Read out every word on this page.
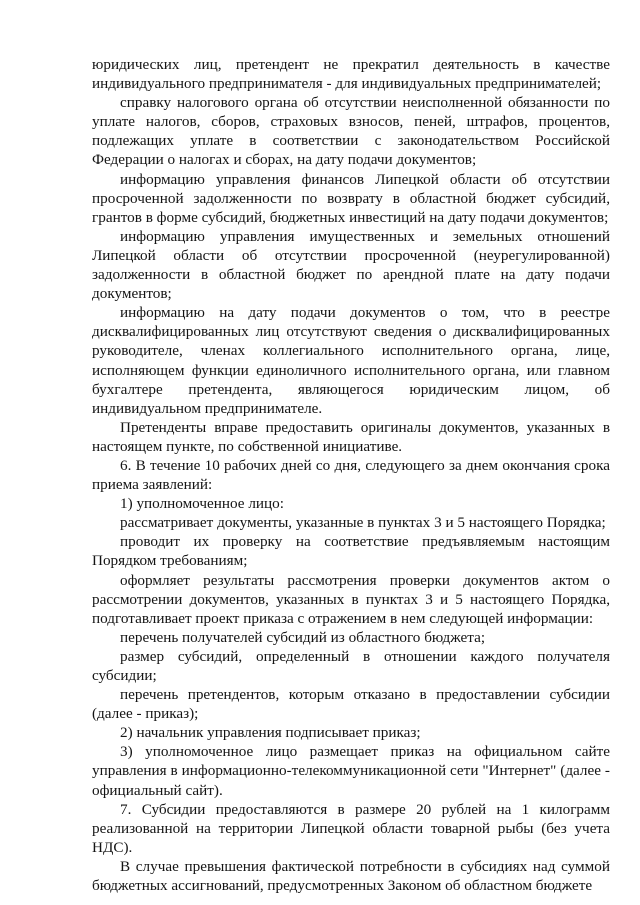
юридических лиц, претендент не прекратил деятельность в качестве индивидуального предпринимателя - для индивидуальных предпринимателей;

справку налогового органа об отсутствии неисполненной обязанности по уплате налогов, сборов, страховых взносов, пеней, штрафов, процентов, подлежащих уплате в соответствии с законодательством Российской Федерации о налогах и сборах, на дату подачи документов;

информацию управления финансов Липецкой области об отсутствии просроченной задолженности по возврату в областной бюджет субсидий, грантов в форме субсидий, бюджетных инвестиций на дату подачи документов;

информацию управления имущественных и земельных отношений Липецкой области об отсутствии просроченной (неурегулированной) задолженности в областной бюджет по арендной плате на дату подачи документов;

информацию на дату подачи документов о том, что в реестре дисквалифицированных лиц отсутствуют сведения о дисквалифицированных руководителе, членах коллегиального исполнительного органа, лице, исполняющем функции единоличного исполнительного органа, или главном бухгалтере претендента, являющегося юридическим лицом, об индивидуальном предпринимателе.

Претенденты вправе предоставить оригиналы документов, указанных в настоящем пункте, по собственной инициативе.

6. В течение 10 рабочих дней со дня, следующего за днем окончания срока приема заявлений:

1) уполномоченное лицо:

рассматривает документы, указанные в пунктах 3 и 5 настоящего Порядка;

проводит их проверку на соответствие предъявляемым настоящим Порядком требованиям;

оформляет результаты рассмотрения проверки документов актом о рассмотрении документов, указанных в пунктах 3 и 5 настоящего Порядка, подготавливает проект приказа с отражением в нем следующей информации:

перечень получателей субсидий из областного бюджета;

размер субсидий, определенный в отношении каждого получателя субсидии;

перечень претендентов, которым отказано в предоставлении субсидии (далее - приказ);

2) начальник управления подписывает приказ;

3) уполномоченное лицо размещает приказ на официальном сайте управления в информационно-телекоммуникационной сети "Интернет" (далее - официальный сайт).

7. Субсидии предоставляются в размере 20 рублей на 1 килограмм реализованной на территории Липецкой области товарной рыбы (без учета НДС).

В случае превышения фактической потребности в субсидиях над суммой бюджетных ассигнований, предусмотренных Законом об областном бюджете
